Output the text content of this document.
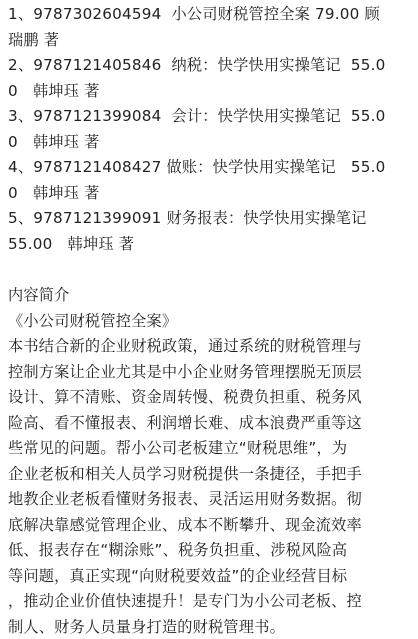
1、9787302604594  小公司财税管控全案 79.00 顾
瑞鹏 著
2、9787121405846  纳税：快学快用实操笔记  55.0
0   韩坤珏 著
3、9787121399084  会计：快学快用实操笔记  55.0
0   韩坤珏 著
4、9787121408427 做账：快学快用实操笔记   55.0
0   韩坤珏 著
5、9787121399091 财务报表：快学快用实操笔记
55.00   韩坤珏 著
内容简介
《小公司财税管控全案》
本书结合新的企业财税政策，通过系统的财税管理与
控制方案让企业尤其是中小企业财务管理摆脱无顶层
设计、算不清账、资金周转慢、税费负担重、税务风
险高、看不懂报表、利润增长难、成本浪费严重等这
些常见的问题。帮小公司老板建立“财税思维”，为
企业老板和相关人员学习财税提供一条捷径，手把手
地教企业老板看懂财务报表、灵活运用财务数据。彻
底解决靠感觉管理企业、成本不断攀升、现金流效率
低、报表存在“糊涂账”、税务负担重、涉税风险高
等问题，真正实现“向财税要效益”的企业经营目标
，推动企业价值快速提升！是专门为小公司老板、控
制人、财务人员量身打造的财税管理书。
